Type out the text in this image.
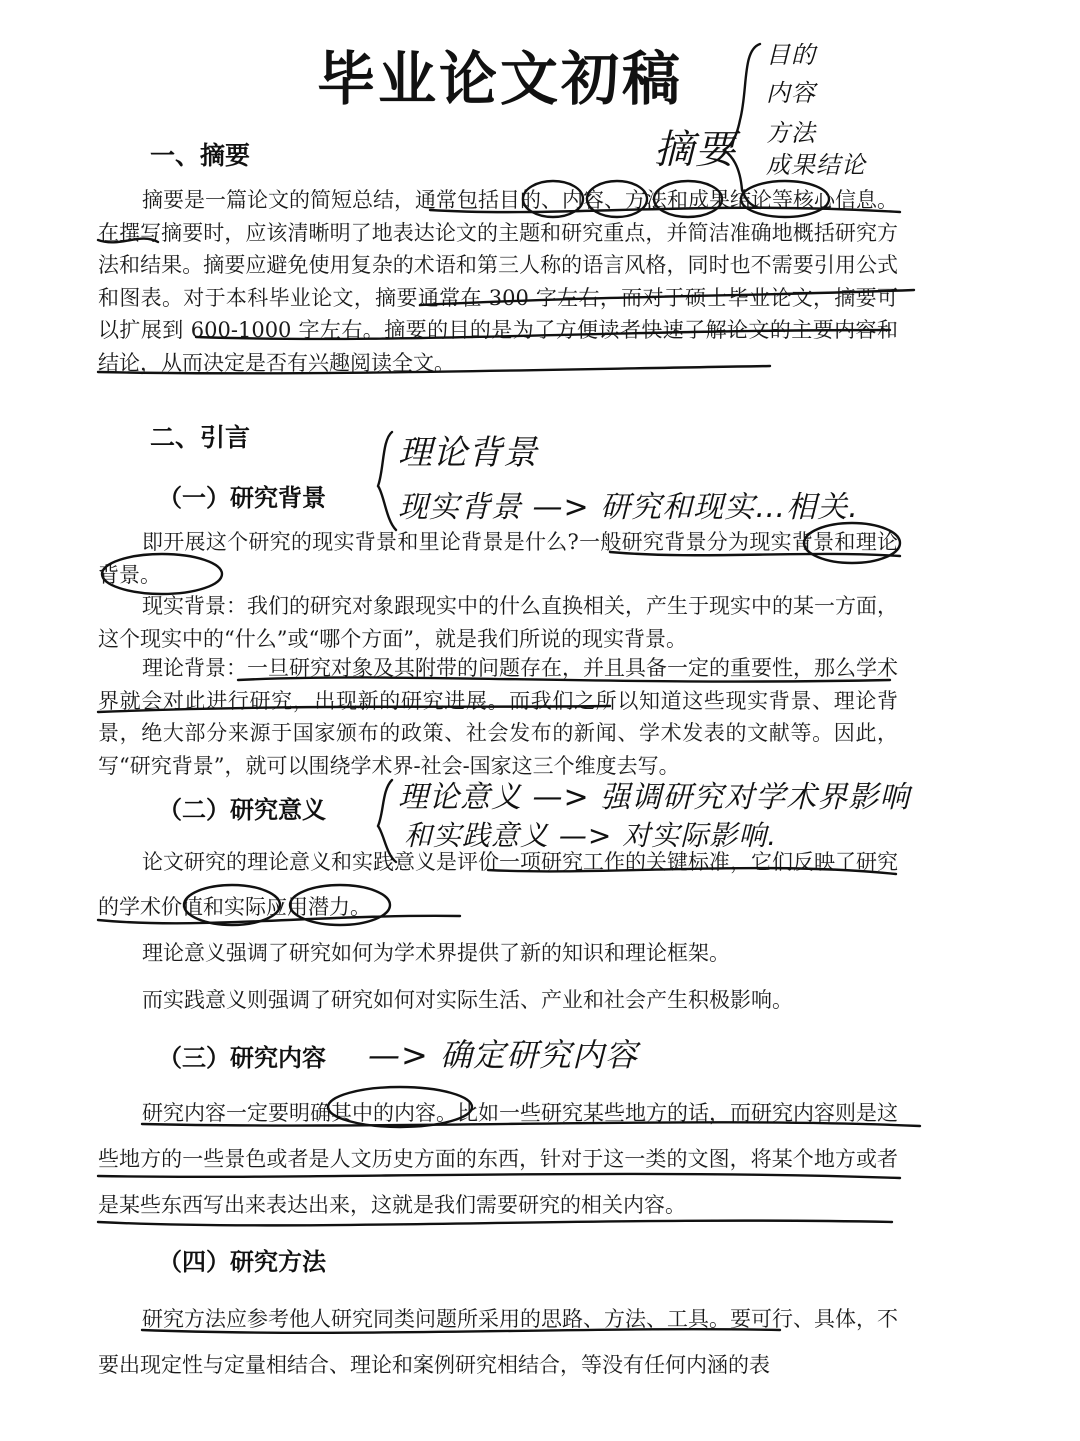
毕业论文初稿
一、摘要

摘要是一篇论文的简短总结，通常包括目的、内容、方法和成果结论等核心信息。在撰写摘要时，应该清晰明了地表达论文的主题和研究重点，并简洁准确地概括研究方法和结果。摘要应避免使用复杂的术语和第三人称的语言风格，同时也不需要引用公式和图表。对于本科毕业论文，摘要通常在 300 字左右，而对于硕士毕业论文，摘要可以扩展到 600-1000 字左右。摘要的目的是为了方便读者快速了解论文的主要内容和结论，从而决定是否有兴趣阅读全文。

二、引言
（一）研究背景

即开展这个研究的现实背景和里论背景是什么?一般研究背景分为现实背景和理论背景。

现实背景：我们的研究对象跟现实中的什么直换相关，产生于现实中的某一方面，这个现实中的“什么”或“哪个方面”，就是我们所说的现实背景。

理论背景：一旦研究对象及其附带的问题存在，并且具备一定的重要性，那么学术界就会对此进行研究，出现新的研究进展。而我们之所以知道这些现实背景、理论背景，绝大部分来源于国家颁布的政策、社会发布的新闻、学术发表的文献等。因此，写“研究背景”，就可以围绕学术界-社会-国家这三个维度去写。

（二）研究意义

论文研究的理论意义和实践意义是评价一项研究工作的关键标准，它们反映了研究的学术价值和实际应用潜力。

理论意义强调了研究如何为学术界提供了新的知识和理论框架。

而实践意义则强调了研究如何对实际生活、产业和社会产生积极影响。

（三）研究内容

研究内容一定要明确其中的内容。比如一些研究某些地方的话，而研究内容则是这些地方的一些景色或者是人文历史方面的东西，针对于这一类的文图，将某个地方或者是某些东西写出来表达出来，这就是我们需要研究的相关内容。

（四）研究方法

研究方法应参考他人研究同类问题所采用的思路、方法、工具。要可行、具体，不要出现定性与定量相结合、理论和案例研究相结合，等没有任何内涵的表

摘要
目的
内容
方法
成果结论
理论背景
现实背景 —> 研究和现实…相关.
理论意义 —> 强调研究对学术界影响
和实践意义 —> 对实际影响.
—> 确定研究内容
